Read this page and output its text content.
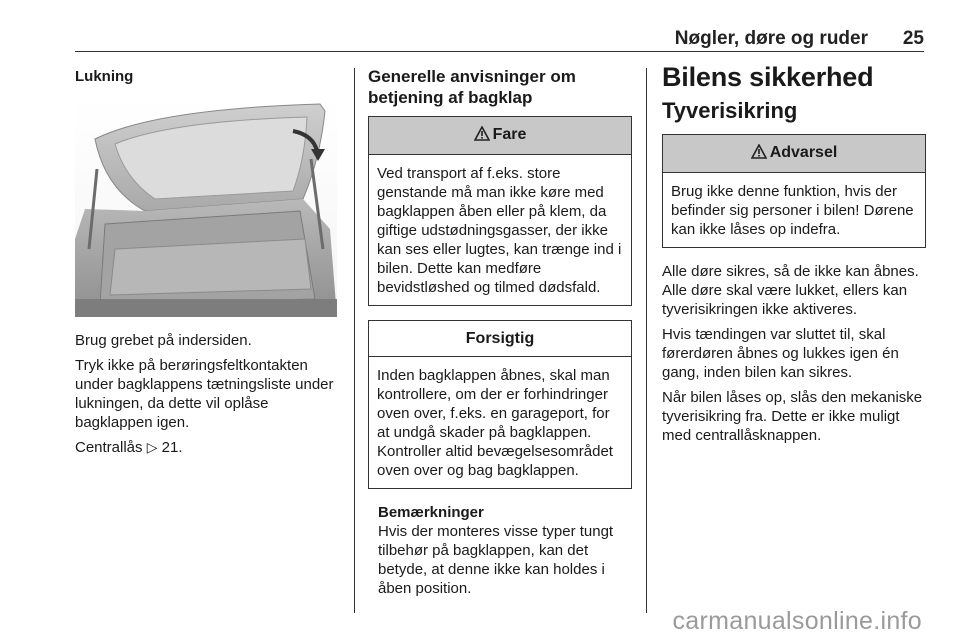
Nøgler, døre og ruder 25
Lukning

Brug grebet på indersiden.

Tryk ikke på berøringsfeltkontakten under bagklappens tætningsliste under lukningen, da dette vil oplåse bagklappen igen.

Centrallås ▷ 21.

Generelle anvisninger om betjening af bagklap
Fare
Ved transport af f.eks. store genstande må man ikke køre med bagklappen åben eller på klem, da giftige udstødningsgasser, der ikke kan ses eller lugtes, kan trænge ind i bilen. Dette kan medføre bevidstløshed og tilmed dødsfald.
Forsigtig
Inden bagklappen åbnes, skal man kontrollere, om der er forhindringer oven over, f.eks. en garageport, for at undgå skader på bagklappen. Kontroller altid bevægelsesområdet oven over og bag bagklappen.
Bemærkninger
Hvis der monteres visse typer tungt tilbehør på bagklappen, kan det betyde, at denne ikke kan holdes i åben position.
Bilens sikkerhed
Tyverisikring
Advarsel
Brug ikke denne funktion, hvis der befinder sig personer i bilen! Dørene kan ikke låses op indefra.

Alle døre sikres, så de ikke kan åbnes. Alle døre skal være lukket, ellers kan tyverisikringen ikke aktiveres.

Hvis tændingen var sluttet til, skal førerdøren åbnes og lukkes igen én gang, inden bilen kan sikres.

Når bilen låses op, slås den mekaniske tyverisikring fra. Dette er ikke muligt med centrallåsknappen.

carmanualsonline.info
